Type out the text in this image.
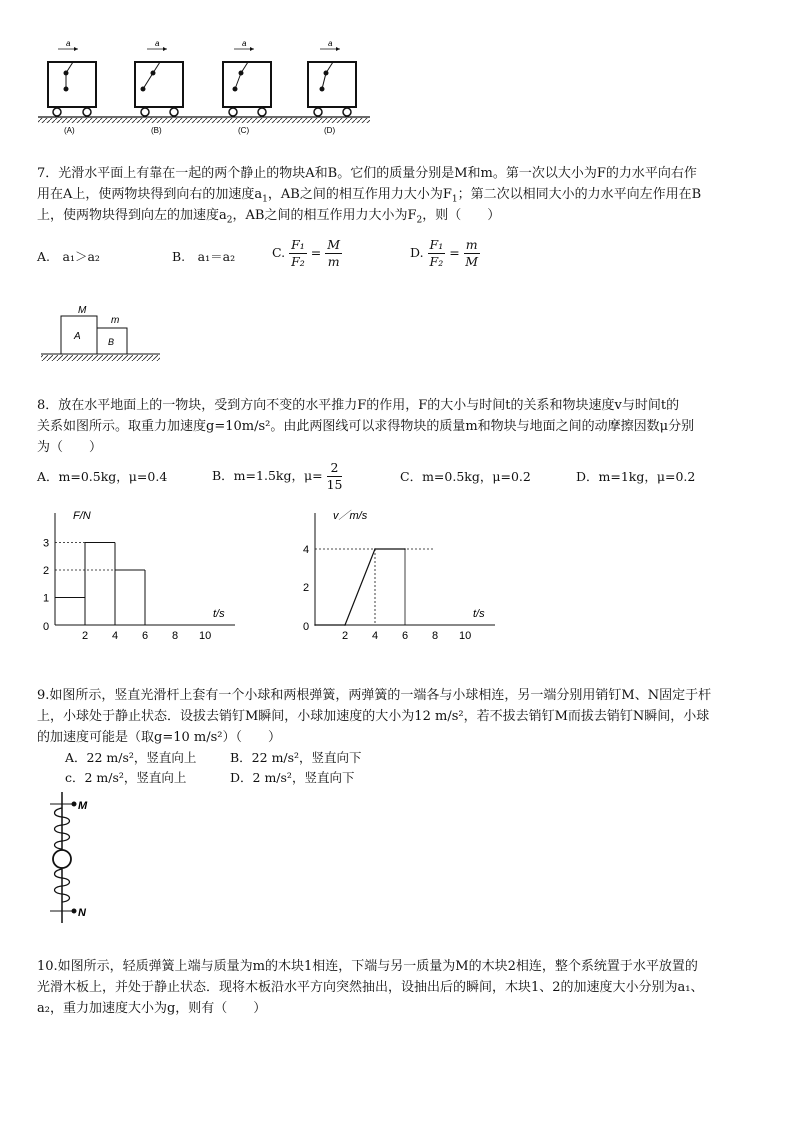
a
(A)
a
(B)
a
(C)
a
(D)
7．光滑水平面上有靠在一起的两个静止的物块A和B。它们的质量分别是M和m。第一次以大小为F的力水平向右作
用在A上，使两物块得到向右的加速度$a_1$，AB之间的相互作用力大小为$F_1$；第二次以相同大小的力水平向左作用在B
上，使两物块得到向左的加速度$a_2$，AB之间的相互作用力大小为$F_2$，则（　　）
A.　a₁＞a₂	B.　a₁＝a₂	C. $\frac{\text{F₁}}{\text{F₂}} = \frac{M}{m}$	D. $\frac{\text{F₁}}{\text{F₂}} = \frac{m}{M}$
M
m
A	B
8．放在水平地面上的一物块，受到方向不变的水平推力F的作用，F的大小与时间t的关系和物块速度v与时间t的
关系如图所示。取重力加速度g=10m/s²。由此两图线可以求得物块的质量m和物块与地面之间的动摩擦因数μ分别
为（　　）
A．m=0.5kg，μ=0.4	B．m=1.5kg，$\mu= \frac{2}{15}$	C．m=0.5kg，μ=0.2	D．m=1kg，μ=0.2
F/N
t/s
0
2 4 6 8 10
1
2
3
v／m/s
t/s
0
2 4 6 8 10
2
4
9.如图所示，竖直光滑杆上套有一个小球和两根弹簧，两弹簧的一端各与小球相连，另一端分别用销钉M、N固定于杆
上，小球处于静止状态．设拔去销钉M瞬间，小球加速度的大小为12 m/s²，若不拔去销钉M而拔去销钉N瞬间，小球
的加速度可能是（取g=10 m/s²）（　　）
A．22 m/s²，竖直向上	B．22 m/s²，竖直向下
c．2 m/s²，竖直向上	D．2 m/s²，竖直向下
M
N
10.如图所示，轻质弹簧上端与质量为m的木块1相连，下端与另一质量为M的木块2相连，整个系统置于水平放置的
光滑木板上，并处于静止状态．现将木板沿水平方向突然抽出，设抽出后的瞬间，木块1、2的加速度大小分别为a₁、
a₂，重力加速度大小为g，则有（　　）
